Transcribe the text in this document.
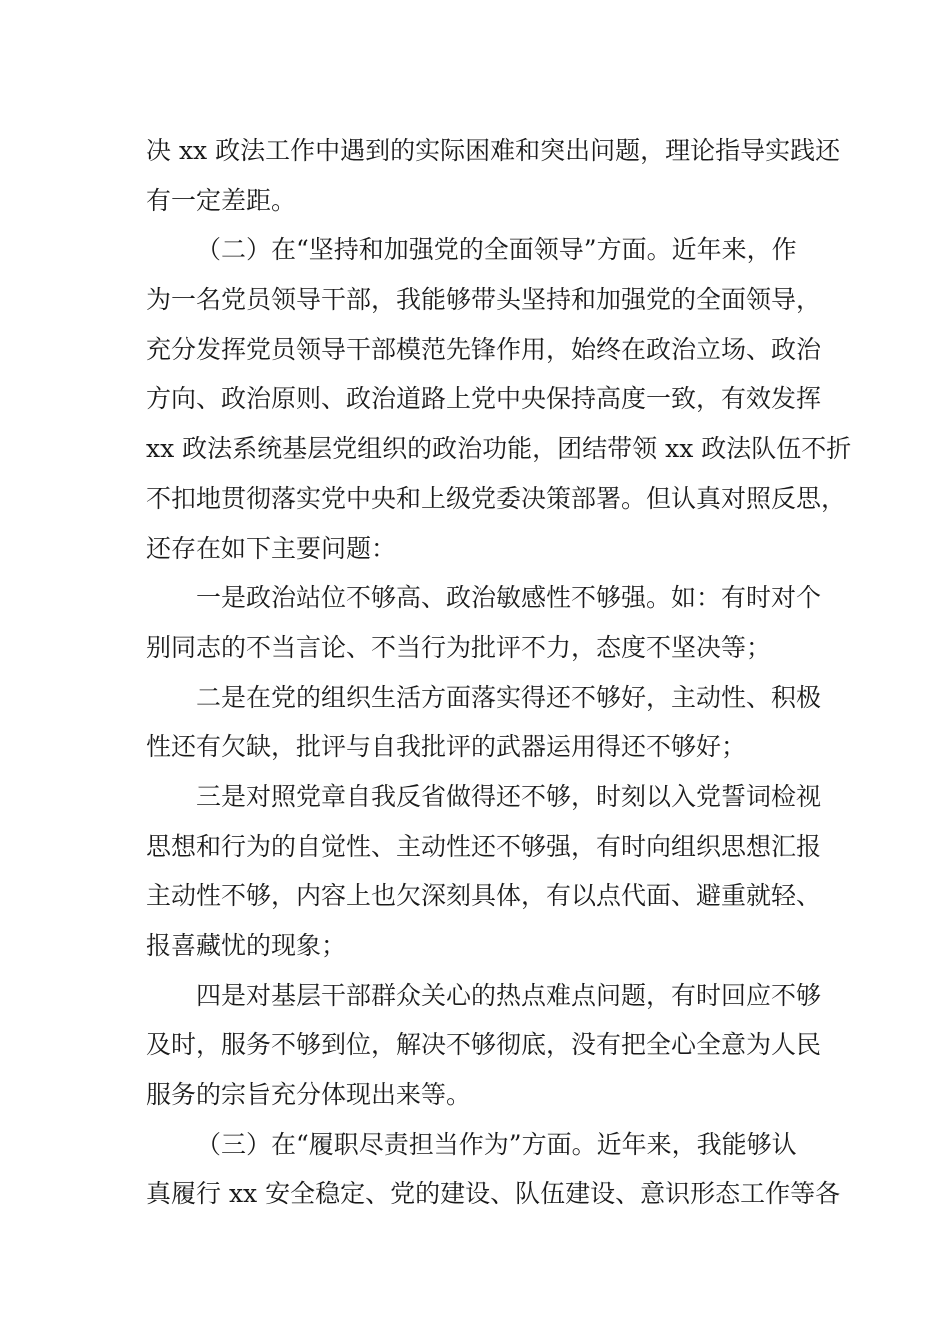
决 xx 政法工作中遇到的实际困难和突出问题，理论指导实践还
有一定差距。
（二）在“坚持和加强党的全面领导”方面。近年来，作
为一名党员领导干部，我能够带头坚持和加强党的全面领导，
充分发挥党员领导干部模范先锋作用，始终在政治立场、政治
方向、政治原则、政治道路上党中央保持高度一致，有效发挥
xx 政法系统基层党组织的政治功能，团结带领 xx 政法队伍不折
不扣地贯彻落实党中央和上级党委决策部署。但认真对照反思，
还存在如下主要问题：
一是政治站位不够高、政治敏感性不够强。如：有时对个
别同志的不当言论、不当行为批评不力，态度不坚决等；
二是在党的组织生活方面落实得还不够好，主动性、积极
性还有欠缺，批评与自我批评的武器运用得还不够好；
三是对照党章自我反省做得还不够，时刻以入党誓词检视
思想和行为的自觉性、主动性还不够强，有时向组织思想汇报
主动性不够，内容上也欠深刻具体，有以点代面、避重就轻、
报喜藏忧的现象；
四是对基层干部群众关心的热点难点问题，有时回应不够
及时，服务不够到位，解决不够彻底，没有把全心全意为人民
服务的宗旨充分体现出来等。
（三）在“履职尽责担当作为”方面。近年来，我能够认
真履行 xx 安全稳定、党的建设、队伍建设、意识形态工作等各
